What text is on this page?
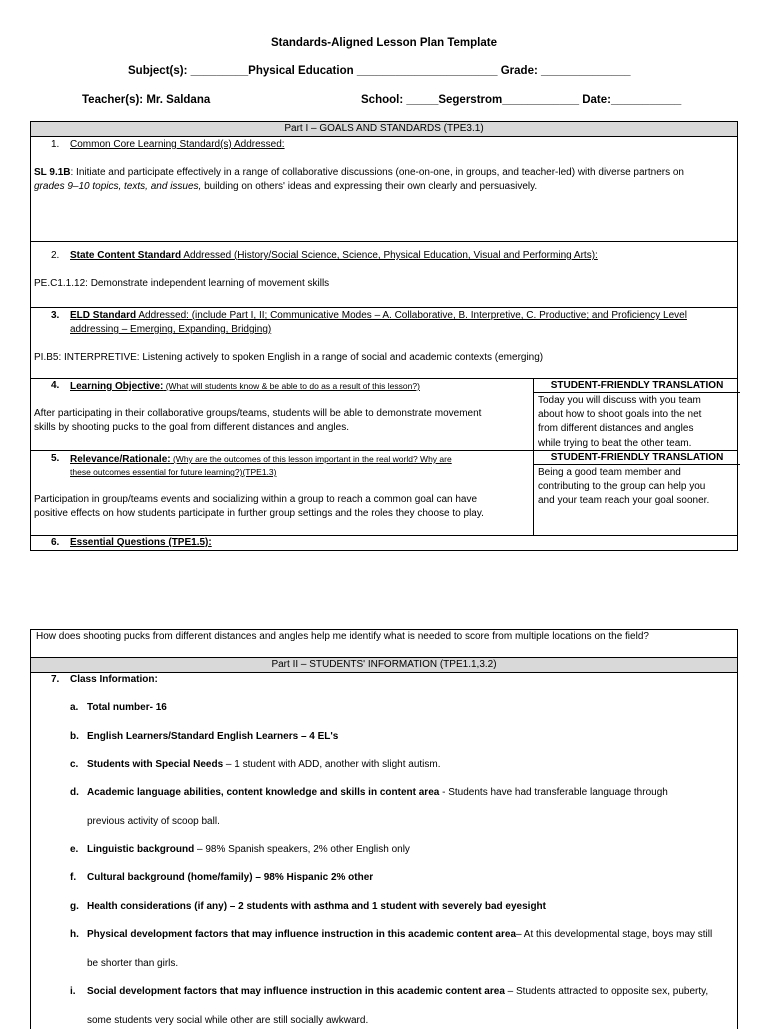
Standards-Aligned Lesson Plan Template
Subject(s): _________Physical Education ______________________ Grade: ______________
Teacher(s): Mr. Saldana	School: _____Segerstrom____________ Date:___________
Part I – GOALS AND STANDARDS (TPE3.1)
1. Common Core Learning Standard(s) Addressed:
SL 9.1B: Initiate and participate effectively in a range of collaborative discussions (one-on-one, in groups, and teacher-led) with diverse partners on
grades 9–10 topics, texts, and issues, building on others' ideas and expressing their own clearly and persuasively.
2. State Content Standard Addressed (History/Social Science, Science, Physical Education, Visual and Performing Arts):
PE.C1.1.12: Demonstrate independent learning of movement skills
3. ELD Standard Addressed: (include Part I, II; Communicative Modes – A. Collaborative, B. Interpretive, C. Productive; and Proficiency Level
addressing – Emerging, Expanding, Bridging)
PI.B5: INTERPRETIVE: Listening actively to spoken English in a range of social and academic contexts (emerging)
4. Learning Objective: (What will students know & be able to do as a result of this lesson?)
After participating in their collaborative groups/teams, students will be able to demonstrate movement
skills by shooting pucks to the goal from different distances and angles.
STUDENT-FRIENDLY TRANSLATION
Today you will discuss with you team
about how to shoot goals into the net
from different distances and angles
while trying to beat the other team.
5. Relevance/Rationale: (Why are the outcomes of this lesson important in the real world? Why are
these outcomes essential for future learning?)(TPE1.3)
Participation in group/teams events and socializing within a group to reach a common goal can have
positive effects on how students participate in further group settings and the roles they choose to play.
STUDENT-FRIENDLY TRANSLATION
Being a good team member and
contributing to the group can help you
and your team reach your goal sooner.
6. Essential Questions (TPE1.5):
How does shooting pucks from different distances and angles help me identify what is needed to score from multiple locations on the field?
Part II – STUDENTS' INFORMATION (TPE1.1,3.2)
7. Class Information:
a. Total number- 16
b. English Learners/Standard English Learners – 4 EL's
c. Students with Special Needs – 1 student with ADD, another with slight autism.
d. Academic language abilities, content knowledge and skills in content area - Students have had transferable language through
previous activity of scoop ball.
e. Linguistic background – 98% Spanish speakers, 2% other English only
f. Cultural background (home/family) – 98% Hispanic 2% other
g. Health considerations (if any) – 2 students with asthma and 1 student with severely bad eyesight
h. Physical development factors that may influence instruction in this academic content area– At this developmental stage, boys may still
be shorter than girls.
i. Social development factors that may influence instruction in this academic content area – Students attracted to opposite sex, puberty,
some students very social while other are still socially awkward.
